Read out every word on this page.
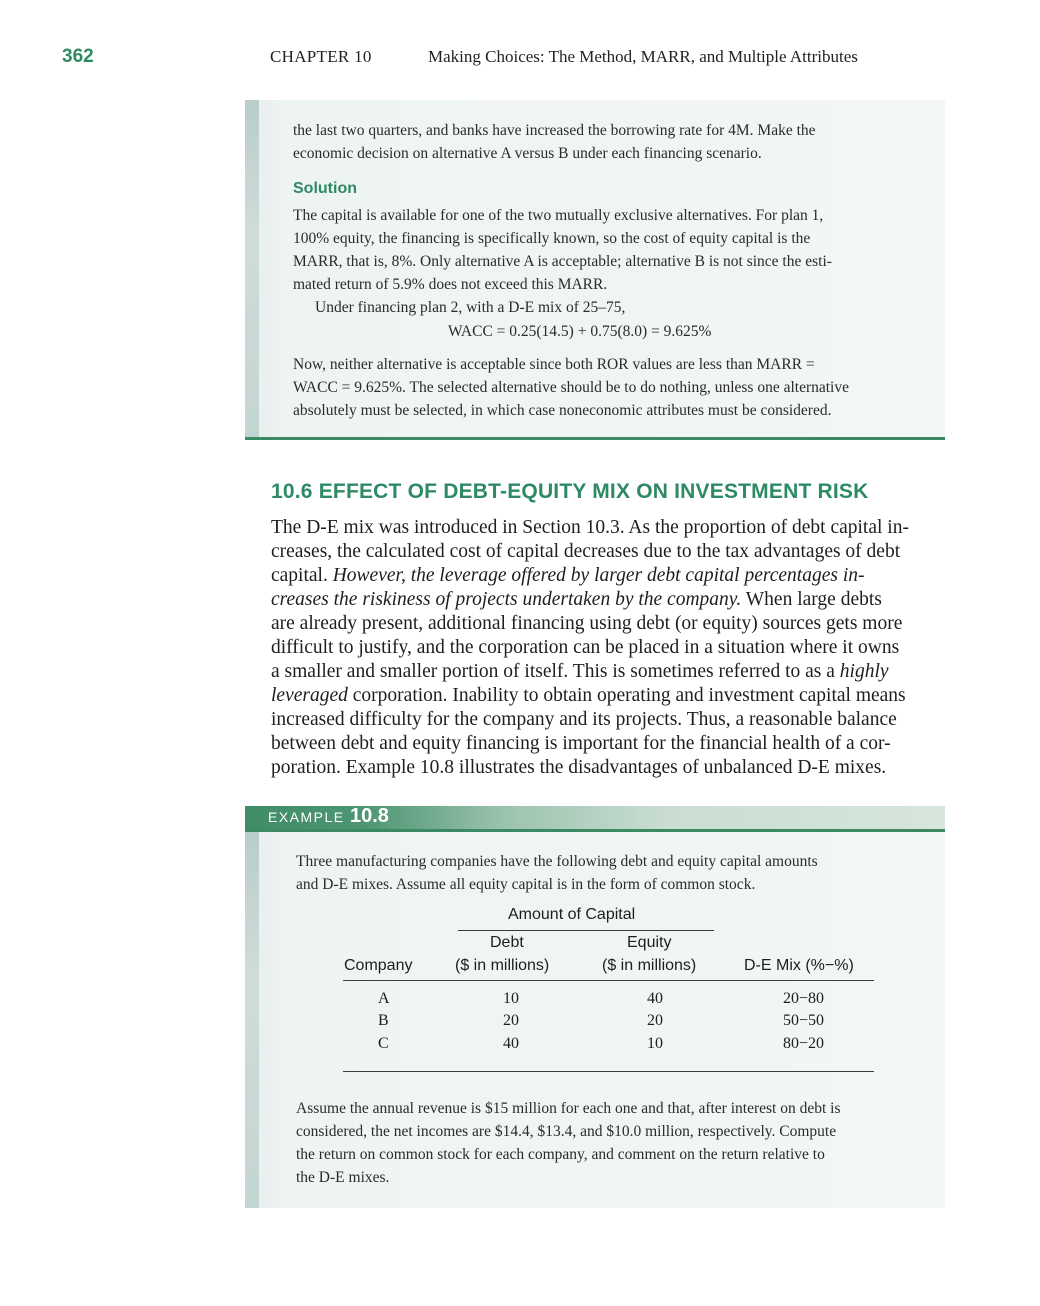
362	CHAPTER 10	Making Choices: The Method, MARR, and Multiple Attributes
the last two quarters, and banks have increased the borrowing rate for 4M. Make the
economic decision on alternative A versus B under each financing scenario.
Solution
The capital is available for one of the two mutually exclusive alternatives. For plan 1,
100% equity, the financing is specifically known, so the cost of equity capital is the
MARR, that is, 8%. Only alternative A is acceptable; alternative B is not since the esti-
mated return of 5.9% does not exceed this MARR.
Under financing plan 2, with a D-E mix of 25–75,
WACC = 0.25(14.5) + 0.75(8.0) = 9.625%
Now, neither alternative is acceptable since both ROR values are less than MARR =
WACC = 9.625%. The selected alternative should be to do nothing, unless one alternative
absolutely must be selected, in which case noneconomic attributes must be considered.
10.6 EFFECT OF DEBT-EQUITY MIX ON INVESTMENT RISK
The D-E mix was introduced in Section 10.3. As the proportion of debt capital in-
creases, the calculated cost of capital decreases due to the tax advantages of debt
capital. However, the leverage offered by larger debt capital percentages in-
creases the riskiness of projects undertaken by the company. When large debts
are already present, additional financing using debt (or equity) sources gets more
difficult to justify, and the corporation can be placed in a situation where it owns
a smaller and smaller portion of itself. This is sometimes referred to as a highly
leveraged corporation. Inability to obtain operating and investment capital means
increased difficulty for the company and its projects. Thus, a reasonable balance
between debt and equity financing is important for the financial health of a cor-
poration. Example 10.8 illustrates the disadvantages of unbalanced D-E mixes.
EXAMPLE 10.8
Three manufacturing companies have the following debt and equity capital amounts
and D-E mixes. Assume all equity capital is in the form of common stock.
Amount of Capital
Debt	Equity
Company	($ in millions)	($ in millions)	D-E Mix (%−%)
A	10	40	20−80
B	20	20	50−50
C	40	10	80−20
Assume the annual revenue is $15 million for each one and that, after interest on debt is
considered, the net incomes are $14.4, $13.4, and $10.0 million, respectively. Compute
the return on common stock for each company, and comment on the return relative to
the D-E mixes.
